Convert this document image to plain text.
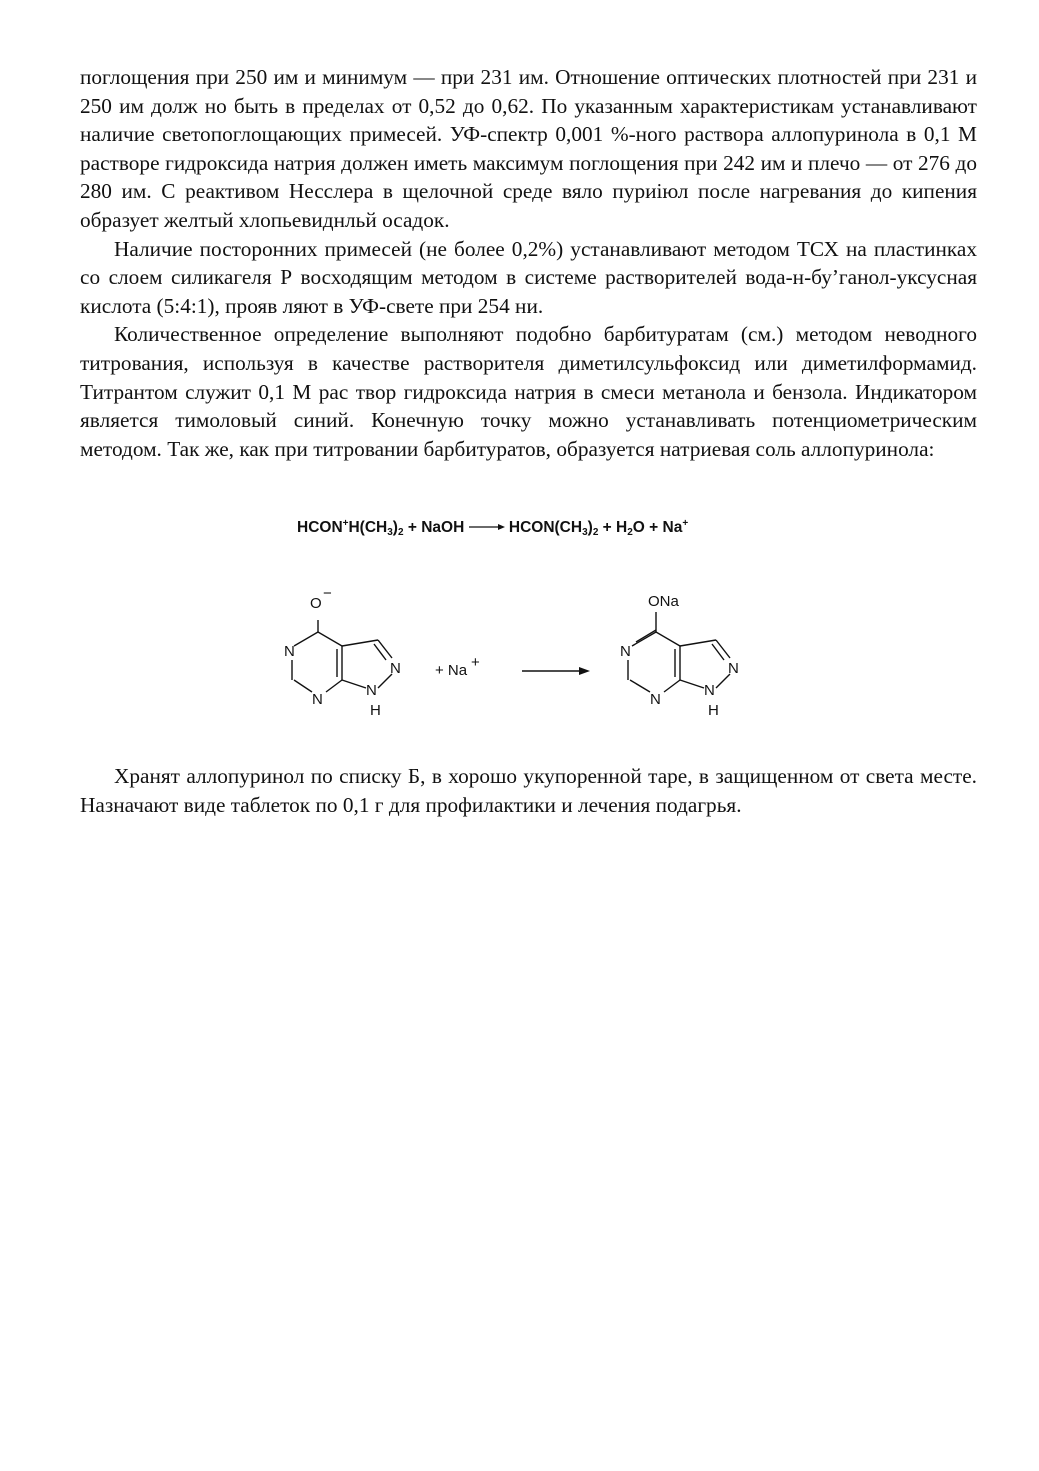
поглощения при 250 им и минимум — при 231 им. Отношение оптических плотностей при 231 и 250 им долж но быть в пределах от 0,52 до 0,62. По указанным характеристикам устанавливают наличие светопоглощающих примесей. УФ-спектр 0,001 %-ного раствора аллопуринола в 0,1 М растворе гидроксида натрия должен иметь максимум поглощения при 242 им и плечо — от 276 до 280 им. С реактивом Несслера в щелочной среде вяло пуриіюл после нагревания до кипения образует желтый хлопьевиднльй осадок.

Наличие посторонних примесей (не более 0,2%) устанавливают методом ТСХ на пластинках со слоем силикагеля Р восходящим методом в системе растворителей вода-н-бу’ганол-уксусная кислота (5:4:1), прояв ляют в УФ-свете при 254 ни.

Количественное определение выполняют подобно барбитуратам (см.) методом неводного титрования, используя в качестве растворителя диметилсульфоксид или диметилформамид. Титрантом служит 0,1 М рас твор гидроксида натрия в смеси метанола и бензола. Индикатором является тимоловый синий. Конечную точку можно устанавливать потенциометрическим методом. Так же, как при титровании барбитуратов, образуется натриевая соль аллопуринола:

$HCON^+H(CH_3)_2$ + NaOH → $HCON(CH_3)_2 + H_2O + Na^+$
O
−
N
N
N
N
H
+ Na +
ONa
N
N
N
N
H

Хранят аллопуринол по списку Б, в хорошо укупоренной таре, в защищенном от света месте. Назначают виде таблеток по 0,1 г для профилактики и лечения подагрья.
